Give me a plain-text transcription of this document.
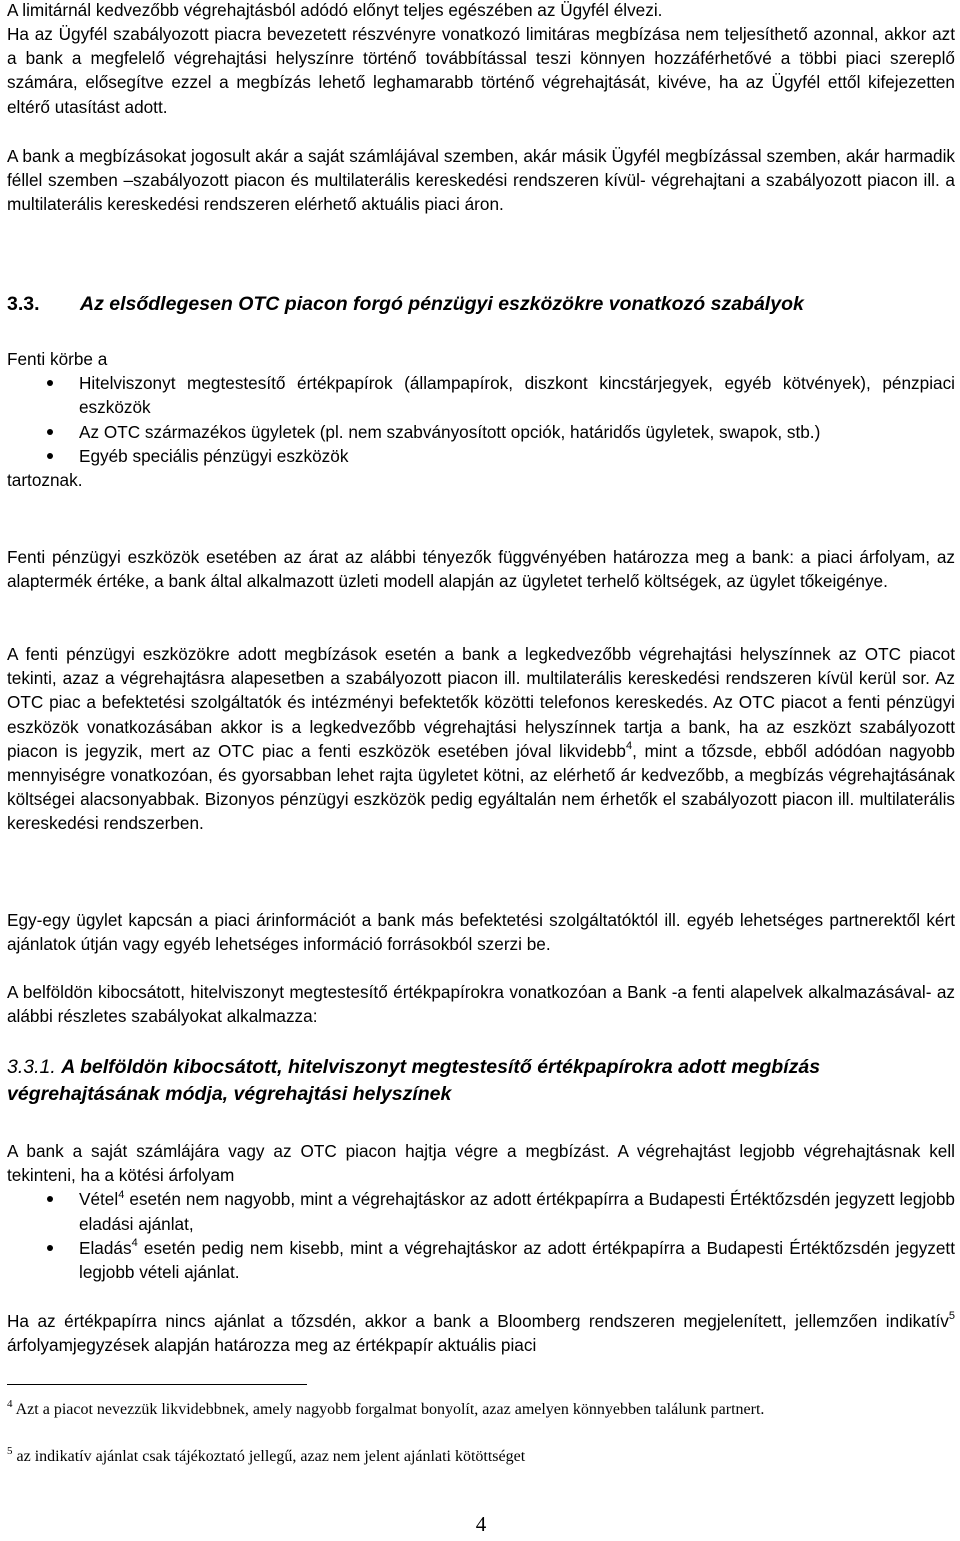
A limitárnál kedvezőbb végrehajtásból adódó előnyt teljes egészében az Ügyfél élvezi.

Ha az Ügyfél szabályozott piacra bevezetett részvényre vonatkozó limitáras megbízása nem teljesíthető azonnal, akkor azt a bank a megfelelő végrehajtási helyszínre történő továbbítással teszi könnyen hozzáférhetővé a többi piaci szereplő számára, elősegítve ezzel a megbízás lehető leghamarabb történő végrehajtását, kivéve, ha az Ügyfél ettől kifejezetten eltérő utasítást adott.

A bank a megbízásokat jogosult akár a saját számlájával szemben, akár másik Ügyfél megbízással szemben, akár harmadik féllel szemben –szabályozott piacon és multilaterális kereskedési rendszeren kívül- végrehajtani a szabályozott piacon ill. a multilaterális kereskedési rendszeren elérhető aktuális piaci áron.

3.3. Az elsődlegesen OTC piacon forgó pénzügyi eszközökre vonatkozó szabályok

Fenti körbe a

Hitelviszonyt megtestesítő értékpapírok (állampapírok, diszkont kincstárjegyek, egyéb kötvények), pénzpiaci eszközök
Az OTC származékos ügyletek (pl. nem szabványosított opciók, határidős ügyletek, swapok, stb.)
Egyéb speciális pénzügyi eszközök

tartoznak.

Fenti pénzügyi eszközök esetében az árat az alábbi tényezők függvényében határozza meg a bank: a piaci árfolyam, az alaptermék értéke, a bank által alkalmazott üzleti modell alapján az ügyletet terhelő költségek, az ügylet tőkeigénye.

A fenti pénzügyi eszközökre adott megbízások esetén a bank a legkedvezőbb végrehajtási helyszínnek az OTC piacot tekinti, azaz a végrehajtásra alapesetben a szabályozott piacon ill. multilaterális kereskedési rendszeren kívül kerül sor. Az OTC piac a befektetési szolgáltatók és intézményi befektetők közötti telefonos kereskedés. Az OTC piacot a fenti pénzügyi eszközök vonatkozásában akkor is a legkedvezőbb végrehajtási helyszínnek tartja a bank, ha az eszközt szabályozott piacon is jegyzik, mert az OTC piac a fenti eszközök esetében jóval likvidebb$^4$, mint a tőzsde, ebből adódóan nagyobb mennyiségre vonatkozóan, és gyorsabban lehet rajta ügyletet kötni, az elérhető ár kedvezőbb, a megbízás végrehajtásának költségei alacsonyabbak. Bizonyos pénzügyi eszközök pedig egyáltalán nem érhetők el szabályozott piacon ill. multilaterális kereskedési rendszerben.

Egy-egy ügylet kapcsán a piaci árinformációt a bank más befektetési szolgáltatóktól ill. egyéb lehetséges partnerektől kért ajánlatok útján vagy egyéb lehetséges információ forrásokból szerzi be.

A belföldön kibocsátott, hitelviszonyt megtestesítő értékpapírokra vonatkozóan a Bank -a fenti alapelvek alkalmazásával- az alábbi részletes szabályokat alkalmazza:

3.3.1. A belföldön kibocsátott, hitelviszonyt megtestesítő értékpapírokra adott megbízás végrehajtásának módja, végrehajtási helyszínek

A bank a saját számlájára vagy az OTC piacon hajtja végre a megbízást. A végrehajtást legjobb végrehajtásnak kell tekinteni, ha a kötési árfolyam

Vétel$^4$ esetén nem nagyobb, mint a végrehajtáskor az adott értékpapírra a Budapesti Értéktőzsdén jegyzett legjobb eladási ajánlat,
Eladás$^4$ esetén pedig nem kisebb, mint a végrehajtáskor az adott értékpapírra a Budapesti Értéktőzsdén jegyzett legjobb vételi ajánlat.

Ha az értékpapírra nincs ajánlat a tőzsdén, akkor a bank a Bloomberg rendszeren megjelenített, jellemzően indikatív$^5$ árfolyamjegyzések alapján határozza meg az értékpapír aktuális piaci

$^4$ Azt a piacot nevezzük likvidebbnek, amely nagyobb forgalmat bonyolít, azaz amelyen könnyebben találunk partnert.
$^5$ az indikatív ajánlat csak tájékoztató jellegű, azaz nem jelent ajánlati kötöttséget
4
